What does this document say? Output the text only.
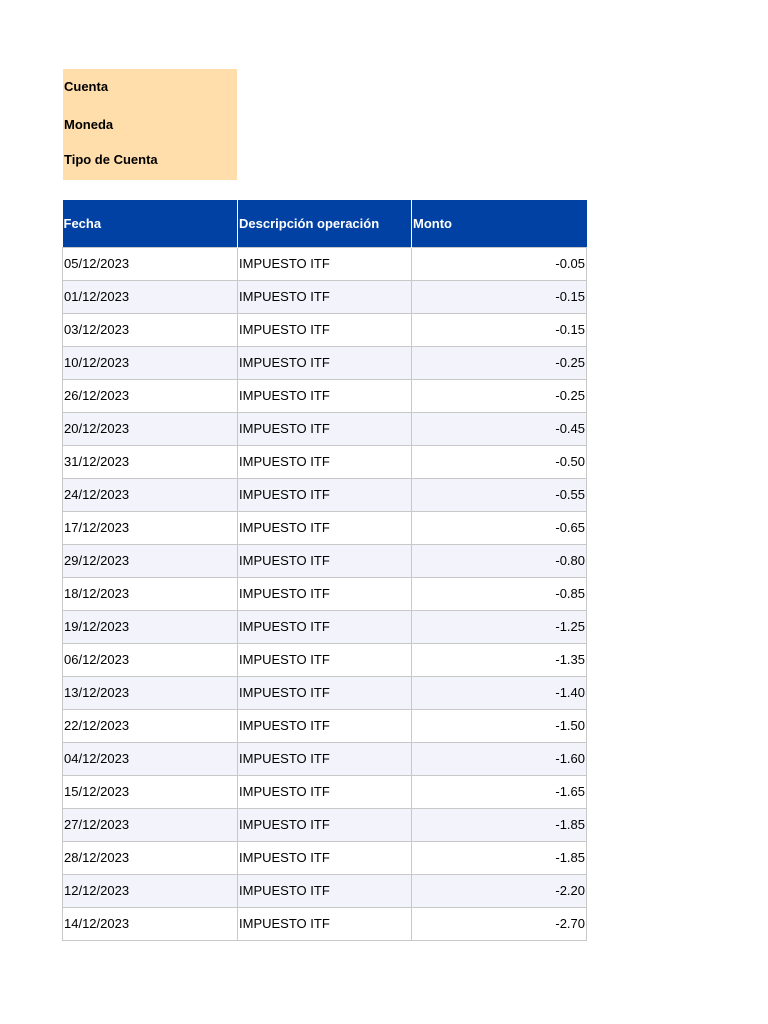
Cuenta
Moneda
Tipo de Cuenta
Fecha	Descripción operación	Monto
05/12/2023	IMPUESTO ITF	-0.05
01/12/2023	IMPUESTO ITF	-0.15
03/12/2023	IMPUESTO ITF	-0.15
10/12/2023	IMPUESTO ITF	-0.25
26/12/2023	IMPUESTO ITF	-0.25
20/12/2023	IMPUESTO ITF	-0.45
31/12/2023	IMPUESTO ITF	-0.50
24/12/2023	IMPUESTO ITF	-0.55
17/12/2023	IMPUESTO ITF	-0.65
29/12/2023	IMPUESTO ITF	-0.80
18/12/2023	IMPUESTO ITF	-0.85
19/12/2023	IMPUESTO ITF	-1.25
06/12/2023	IMPUESTO ITF	-1.35
13/12/2023	IMPUESTO ITF	-1.40
22/12/2023	IMPUESTO ITF	-1.50
04/12/2023	IMPUESTO ITF	-1.60
15/12/2023	IMPUESTO ITF	-1.65
27/12/2023	IMPUESTO ITF	-1.85
28/12/2023	IMPUESTO ITF	-1.85
12/12/2023	IMPUESTO ITF	-2.20
14/12/2023	IMPUESTO ITF	-2.70
